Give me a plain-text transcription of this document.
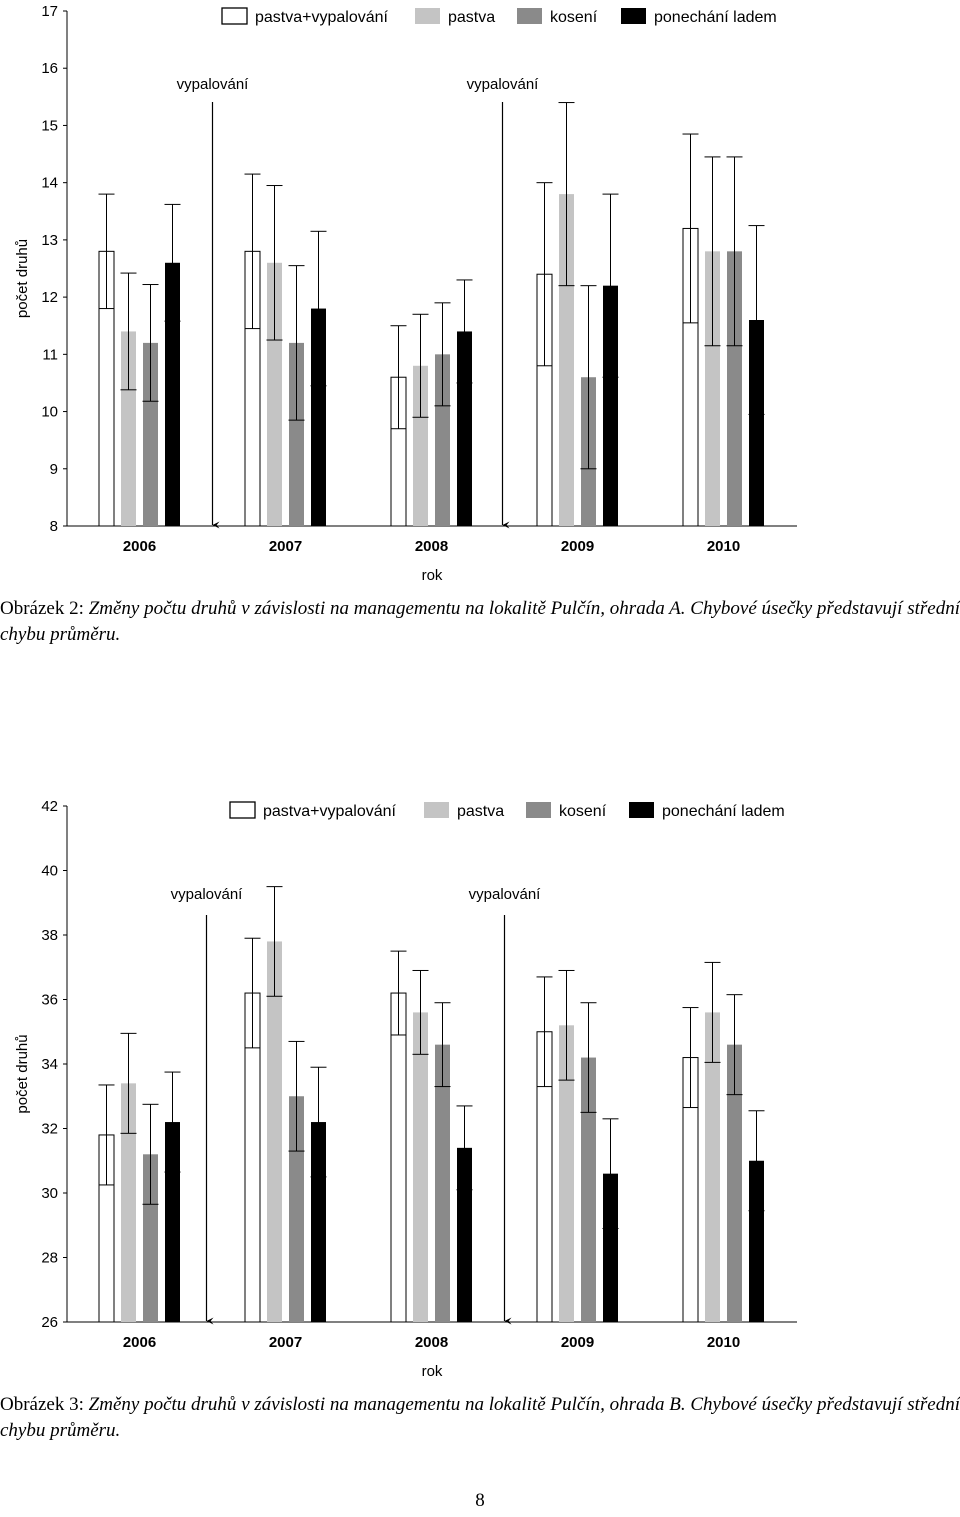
8
9
10
11
12
13
14
15
16
17
počet druhů
rok
2006	2007	2008	2009	2010
vypalování	vypalování
pastva+vypalování	pastva	kosení	ponechání ladem
Obrázek 2: Změny počtu druhů v závislosti na managementu na lokalitě Pulčín, ohrada A. Chybové úsečky představují střední chybu průměru.
26
28
30
32
34
36
38
40
42
počet druhů
rok
2006	2007	2008	2009	2010
vypalování	vypalování
pastva+vypalování	pastva	kosení	ponechání ladem
Obrázek 3: Změny počtu druhů v závislosti na managementu na lokalitě Pulčín, ohrada B. Chybové úsečky představují střední chybu průměru.
8
